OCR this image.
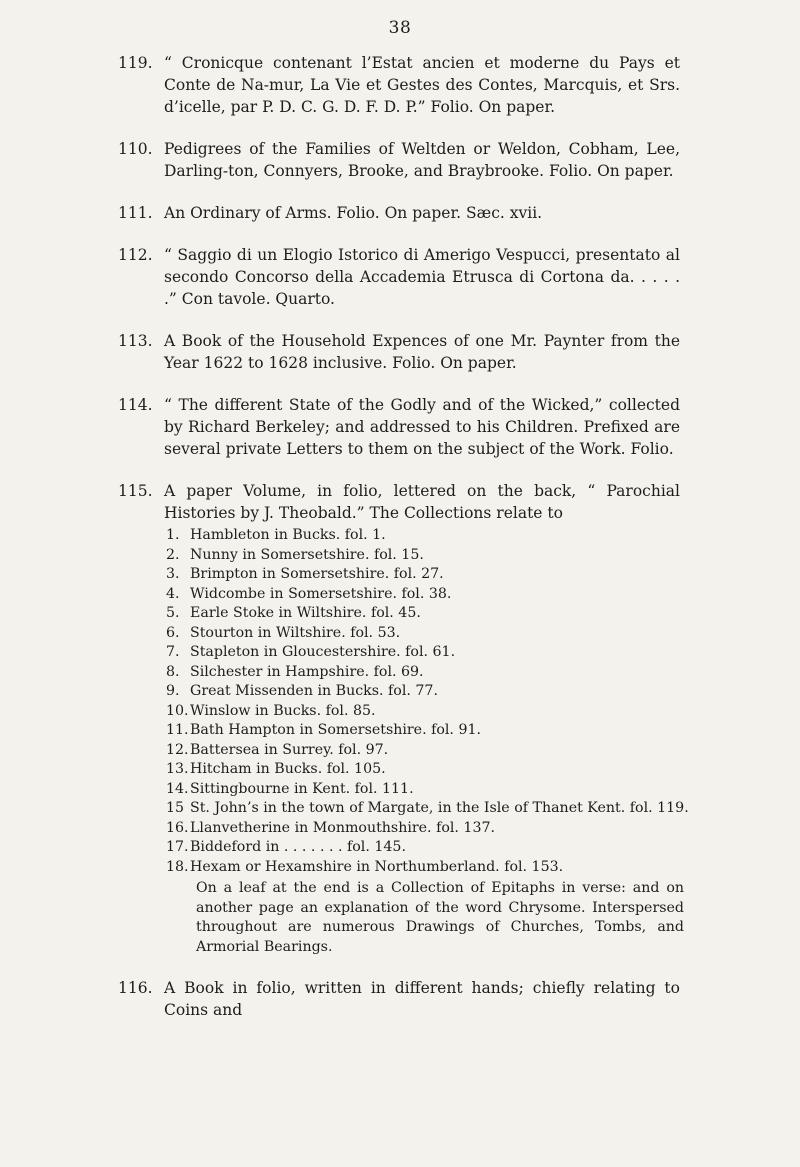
38
119. “ Cronicque contenant l’Estat ancien et moderne du Pays et Conte de Na-mur, La Vie et Gestes des Contes, Marcquis, et Srs. d’icelle, par P. D. C. G. D. F. D. P.” Folio. On paper.
110. Pedigrees of the Families of Weltden or Weldon, Cobham, Lee, Darling-ton, Connyers, Brooke, and Braybrooke. Folio. On paper.
111. An Ordinary of Arms. Folio. On paper. Sæc. xvii.
112. “ Saggio di un Elogio Istorico di Amerigo Vespucci, presentato al secondo Concorso della Accademia Etrusca di Cortona da. . . . . .” Con tavole. Quarto.
113. A Book of the Household Expences of one Mr. Paynter from the Year 1622 to 1628 inclusive. Folio. On paper.
114. “ The different State of the Godly and of the Wicked,” collected by Richard Berkeley; and addressed to his Children. Prefixed are several private Letters to them on the subject of the Work. Folio.
115. A paper Volume, in folio, lettered on the back, “ Parochial Histories by J. Theobald.” The Collections relate to
1. Hambleton in Bucks. fol. 1.
2. Nunny in Somersetshire. fol. 15.
3. Brimpton in Somersetshire. fol. 27.
4. Widcombe in Somersetshire. fol. 38.
5. Earle Stoke in Wiltshire. fol. 45.
6. Stourton in Wiltshire. fol. 53.
7. Stapleton in Gloucestershire. fol. 61.
8. Silchester in Hampshire. fol. 69.
9. Great Missenden in Bucks. fol. 77.
10. Winslow in Bucks. fol. 85.
11. Bath Hampton in Somersetshire. fol. 91.
12. Battersea in Surrey. fol. 97.
13. Hitcham in Bucks. fol. 105.
14. Sittingbourne in Kent. fol. 111.
15 St. John’s in the town of Margate, in the Isle of Thanet Kent. fol. 119.
16. Llanvetherine in Monmouthshire. fol. 137.
17. Biddeford in . . . . . . . fol. 145.
18. Hexam or Hexamshire in Northumberland. fol. 153.
On a leaf at the end is a Collection of Epitaphs in verse: and on another page an explanation of the word Chrysome. Interspersed throughout are numerous Drawings of Churches, Tombs, and Armorial Bearings.
116. A Book in folio, written in different hands; chiefly relating to Coins and
